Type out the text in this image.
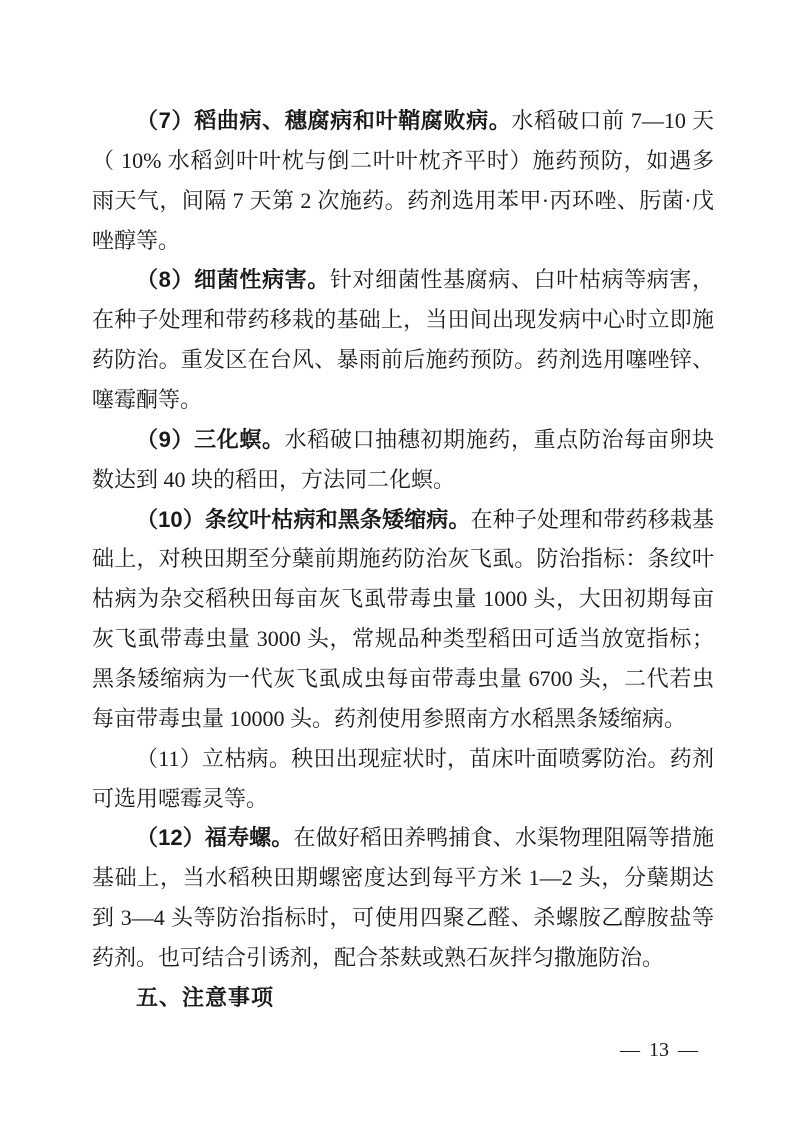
（7）稻曲病、穗腐病和叶鞘腐败病。水稻破口前 7—10 天
（ 10% 水稻剑叶叶枕与倒二叶叶枕齐平时）施药预防，如遇多
雨天气，间隔 7 天第 2 次施药。药剂选用苯甲·丙环唑、肟菌·戊
唑醇等。
（8）细菌性病害。针对细菌性基腐病、白叶枯病等病害，
在种子处理和带药移栽的基础上，当田间出现发病中心时立即施
药防治。重发区在台风、暴雨前后施药预防。药剂选用噻唑锌、
噻霉酮等。
（9）三化螟。水稻破口抽穗初期施药，重点防治每亩卵块
数达到 40 块的稻田，方法同二化螟。
（10）条纹叶枯病和黑条矮缩病。在种子处理和带药移栽基
础上，对秧田期至分蘖前期施药防治灰飞虱。防治指标：条纹叶
枯病为杂交稻秧田每亩灰飞虱带毒虫量 1000 头，大田初期每亩
灰飞虱带毒虫量 3000 头，常规品种类型稻田可适当放宽指标；
黑条矮缩病为一代灰飞虱成虫每亩带毒虫量 6700 头，二代若虫
每亩带毒虫量 10000 头。药剂使用参照南方水稻黑条矮缩病。
（11）立枯病。秧田出现症状时，苗床叶面喷雾防治。药剂
可选用噁霉灵等。
（12）福寿螺。在做好稻田养鸭捕食、水渠物理阻隔等措施
基础上，当水稻秧田期螺密度达到每平方米 1—2 头，分蘖期达
到 3—4 头等防治指标时，可使用四聚乙醛、杀螺胺乙醇胺盐等
药剂。也可结合引诱剂，配合茶麸或熟石灰拌匀撒施防治。
五、注意事项
— 13 —
